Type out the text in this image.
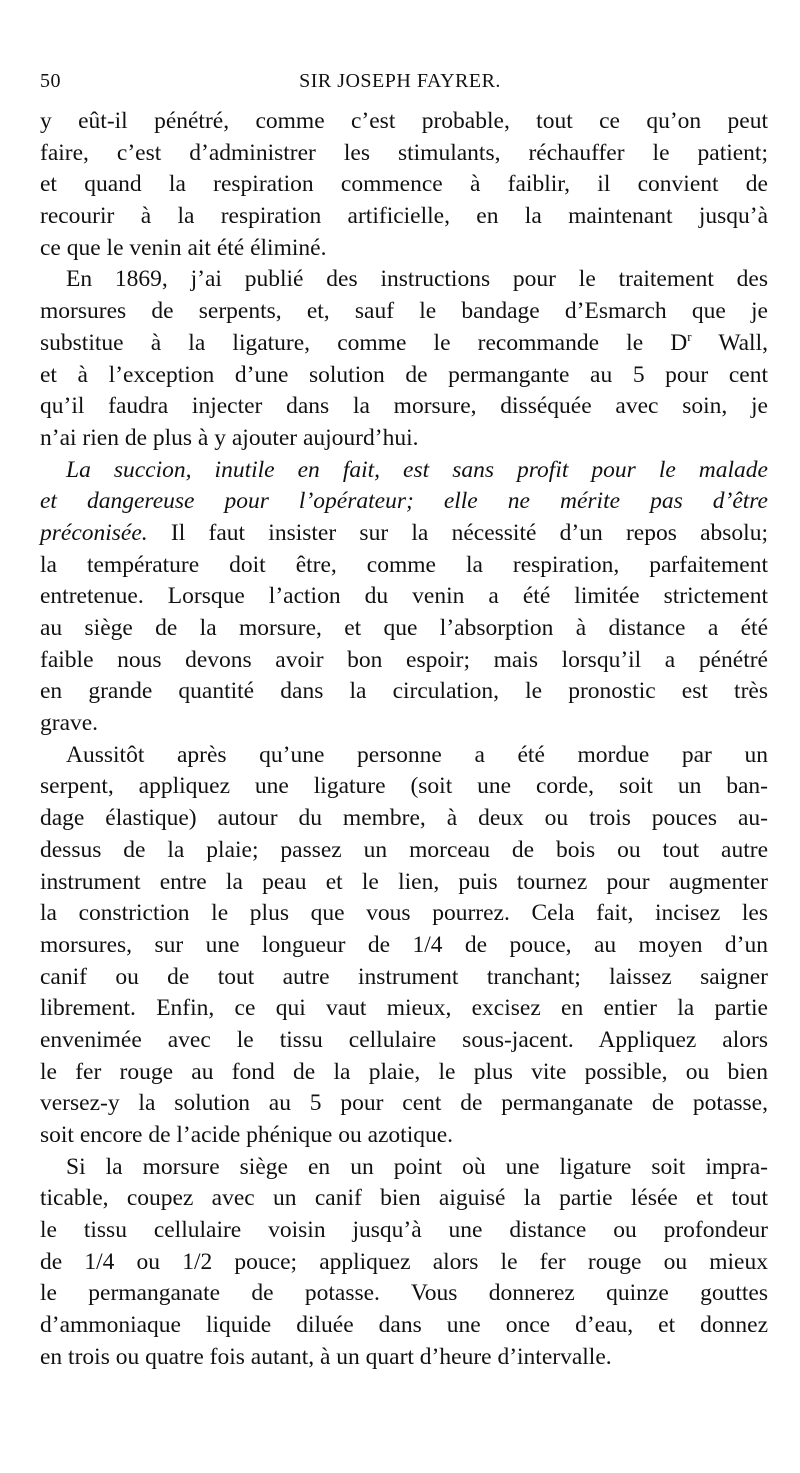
50	SIR JOSEPH FAYRER.
y eût-il pénétré, comme c’est probable, tout ce qu’on peut
faire, c’est d’administrer les stimulants, réchauffer le patient;
et quand la respiration commence à faiblir, il convient de
recourir à la respiration artificielle, en la maintenant jusqu’à
ce que le venin ait été éliminé.
En 1869, j’ai publié des instructions pour le traitement des
morsures de serpents, et, sauf le bandage d’Esmarch que je
substitue à la ligature, comme le recommande le $D^r$ Wall,
et à l’exception d’une solution de permangante au 5 pour cent
qu’il faudra injecter dans la morsure, disséquée avec soin, je
n’ai rien de plus à y ajouter aujourd’hui.
La succion, inutile en fait, est sans profit pour le malade
et dangereuse pour l’opérateur; elle ne mérite pas d’être
préconisée. Il faut insister sur la nécessité d’un repos absolu;
la température doit être, comme la respiration, parfaitement
entretenue. Lorsque l’action du venin a été limitée strictement
au siège de la morsure, et que l’absorption à distance a été
faible nous devons avoir bon espoir; mais lorsqu’il a pénétré
en grande quantité dans la circulation, le pronostic est très
grave.
Aussitôt après qu’une personne a été mordue par un
serpent, appliquez une ligature (soit une corde, soit un ban-
dage élastique) autour du membre, à deux ou trois pouces au-
dessus de la plaie; passez un morceau de bois ou tout autre
instrument entre la peau et le lien, puis tournez pour augmenter
la constriction le plus que vous pourrez. Cela fait, incisez les
morsures, sur une longueur de 1/4 de pouce, au moyen d’un
canif ou de tout autre instrument tranchant; laissez saigner
librement. Enfin, ce qui vaut mieux, excisez en entier la partie
envenimée avec le tissu cellulaire sous-jacent. Appliquez alors
le fer rouge au fond de la plaie, le plus vite possible, ou bien
versez-y la solution au 5 pour cent de permanganate de potasse,
soit encore de l’acide phénique ou azotique.
Si la morsure siège en un point où une ligature soit impra-
ticable, coupez avec un canif bien aiguisé la partie lésée et tout
le tissu cellulaire voisin jusqu’à une distance ou profondeur
de 1/4 ou 1/2 pouce; appliquez alors le fer rouge ou mieux
le permanganate de potasse. Vous donnerez quinze gouttes
d’ammoniaque liquide diluée dans une once d’eau, et donnez
en trois ou quatre fois autant, à un quart d’heure d’intervalle.
